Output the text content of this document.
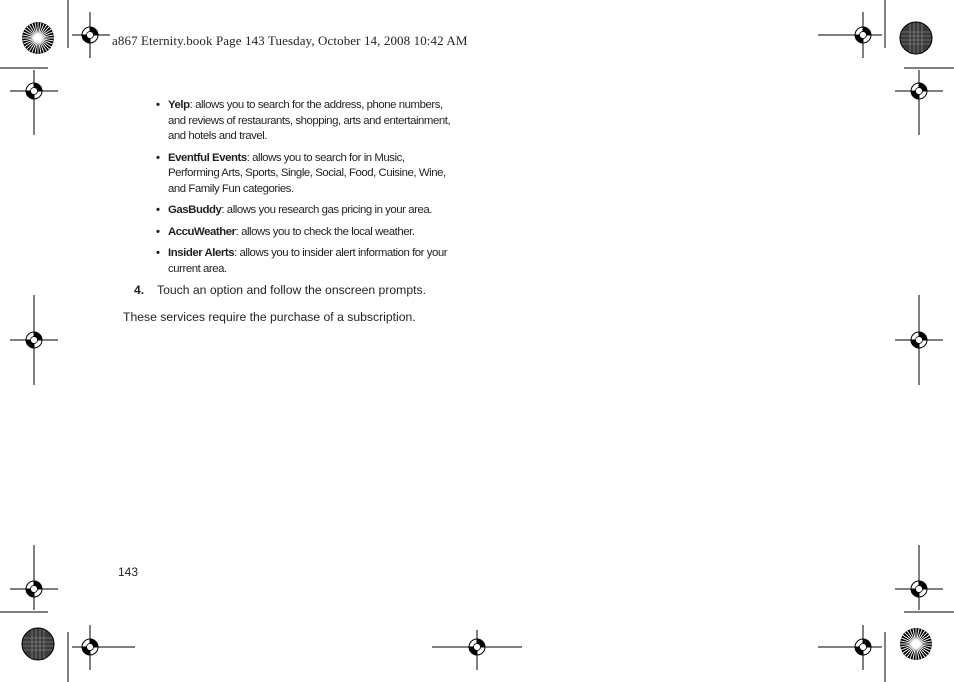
a867 Eternity.book Page 143 Tuesday, October 14, 2008 10:42 AM
• Yelp: allows you to search for the address, phone numbers, and reviews of restaurants, shopping, arts and entertainment, and hotels and travel.
• Eventful Events: allows you to search for in Music, Performing Arts, Sports, Single, Social, Food, Cuisine, Wine, and Family Fun categories.
• GasBuddy: allows you research gas pricing in your area.
• AccuWeather: allows you to check the local weather.
• Insider Alerts: allows you to insider alert information for your current area.
4. Touch an option and follow the onscreen prompts.
These services require the purchase of a subscription.
143
